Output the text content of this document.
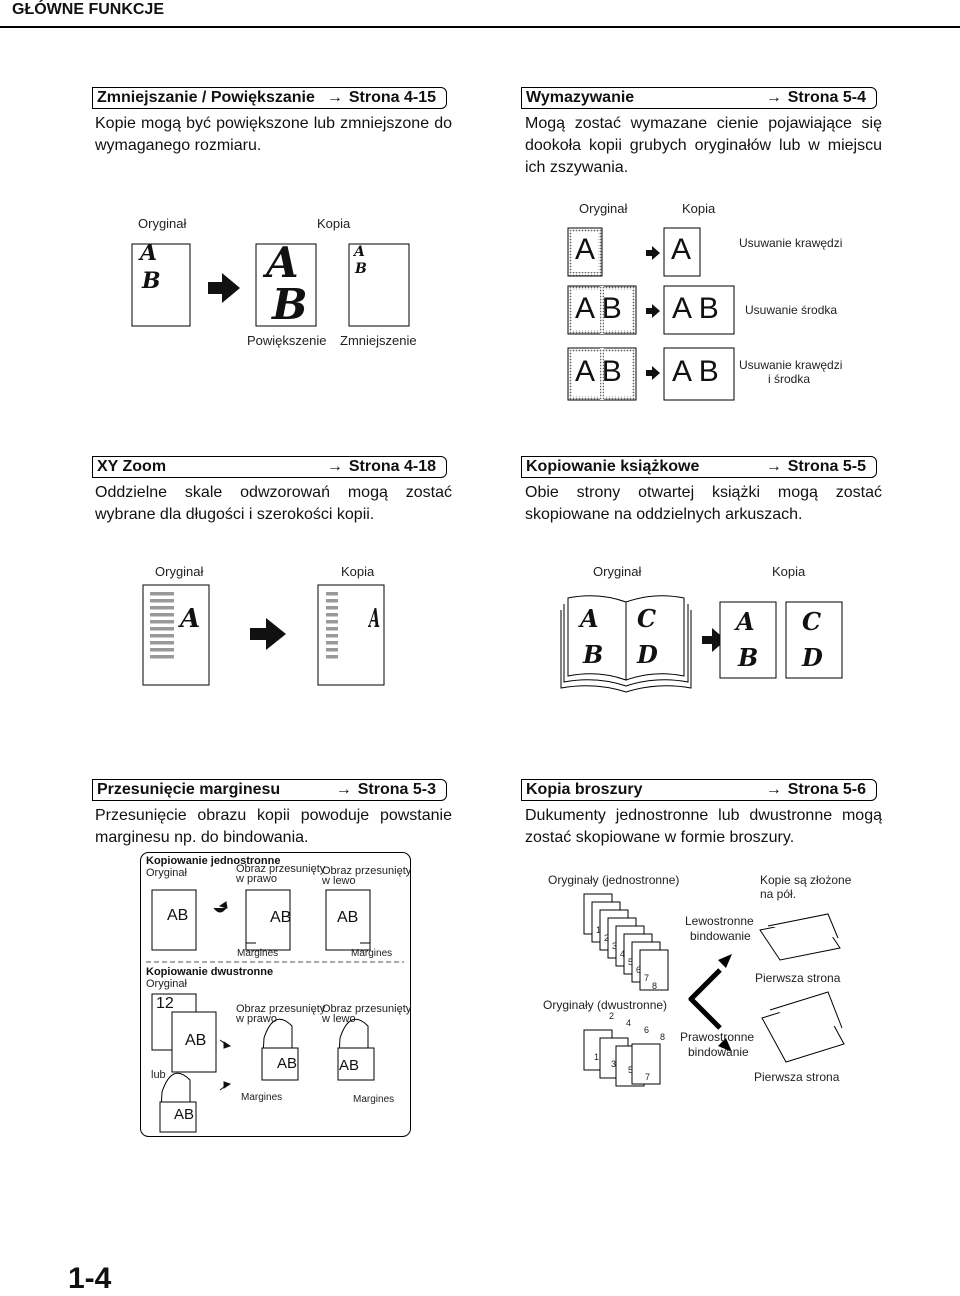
GŁÓWNE FUNKCJE
Zmniejszanie / Powiększanie → Strona 4-15
Kopie mogą być powiększone lub zmniejszone do wymaganego rozmiaru.
Oryginał	Kopia
A
B	A
B
A
B
Powiększenie Zmniejszenie
Wymazywanie	→ Strona 5-4
Mogą zostać wymazane cienie pojawiające się dookoła kopii grubych oryginałów lub w miejscu ich zszywania.
Oryginał	Kopia
A	A
A B A B
A B A B
Usuwanie krawędzi
Usuwanie środka
Usuwanie krawędzi
i środka
XY Zoom	→ Strona 4-18
Oddzielne skale odwzorowań mogą zostać wybrane dla długości i szerokości kopii.
Oryginał	Kopia
A	A
Kopiowanie książkowe	→ Strona 5-5
Obie strony otwartej książki mogą zostać skopiowane na oddzielnych arkuszach.
Oryginał	Kopia
A
B
C
D
A
B
C
D
Przesunięcie marginesu	→ Strona 5-3
Przesunięcie obrazu kopii powoduje powstanie marginesu np. do bindowania.
Kopiowanie jednostronne
Oryginał	Obraz przesunięty
w prawo
Obraz przesunięty
w lewo
AB	AB	AB
Margines	Margines
Kopiowanie dwustronne
Oryginał
12
AB
Obraz przesunięty
w prawo
Obraz przesunięty
w lewo
AB	AB
lub
AB
Margines	Margines
Kopia broszury	→ Strona 5-6
Dukumenty jednostronne lub dwustronne mogą zostać skopiowane w formie broszury.
Oryginały (jednostronne)	Kopie są złożone
na pół.
Lewostronne
bindowanie
Pierwsza strona
Oryginały (dwustronne)
Prawostronne
bindowanie
Pierwsza strona
1
2
3
4
5
6
7
8
2
4
6
8
1
3
5
7
1-4
